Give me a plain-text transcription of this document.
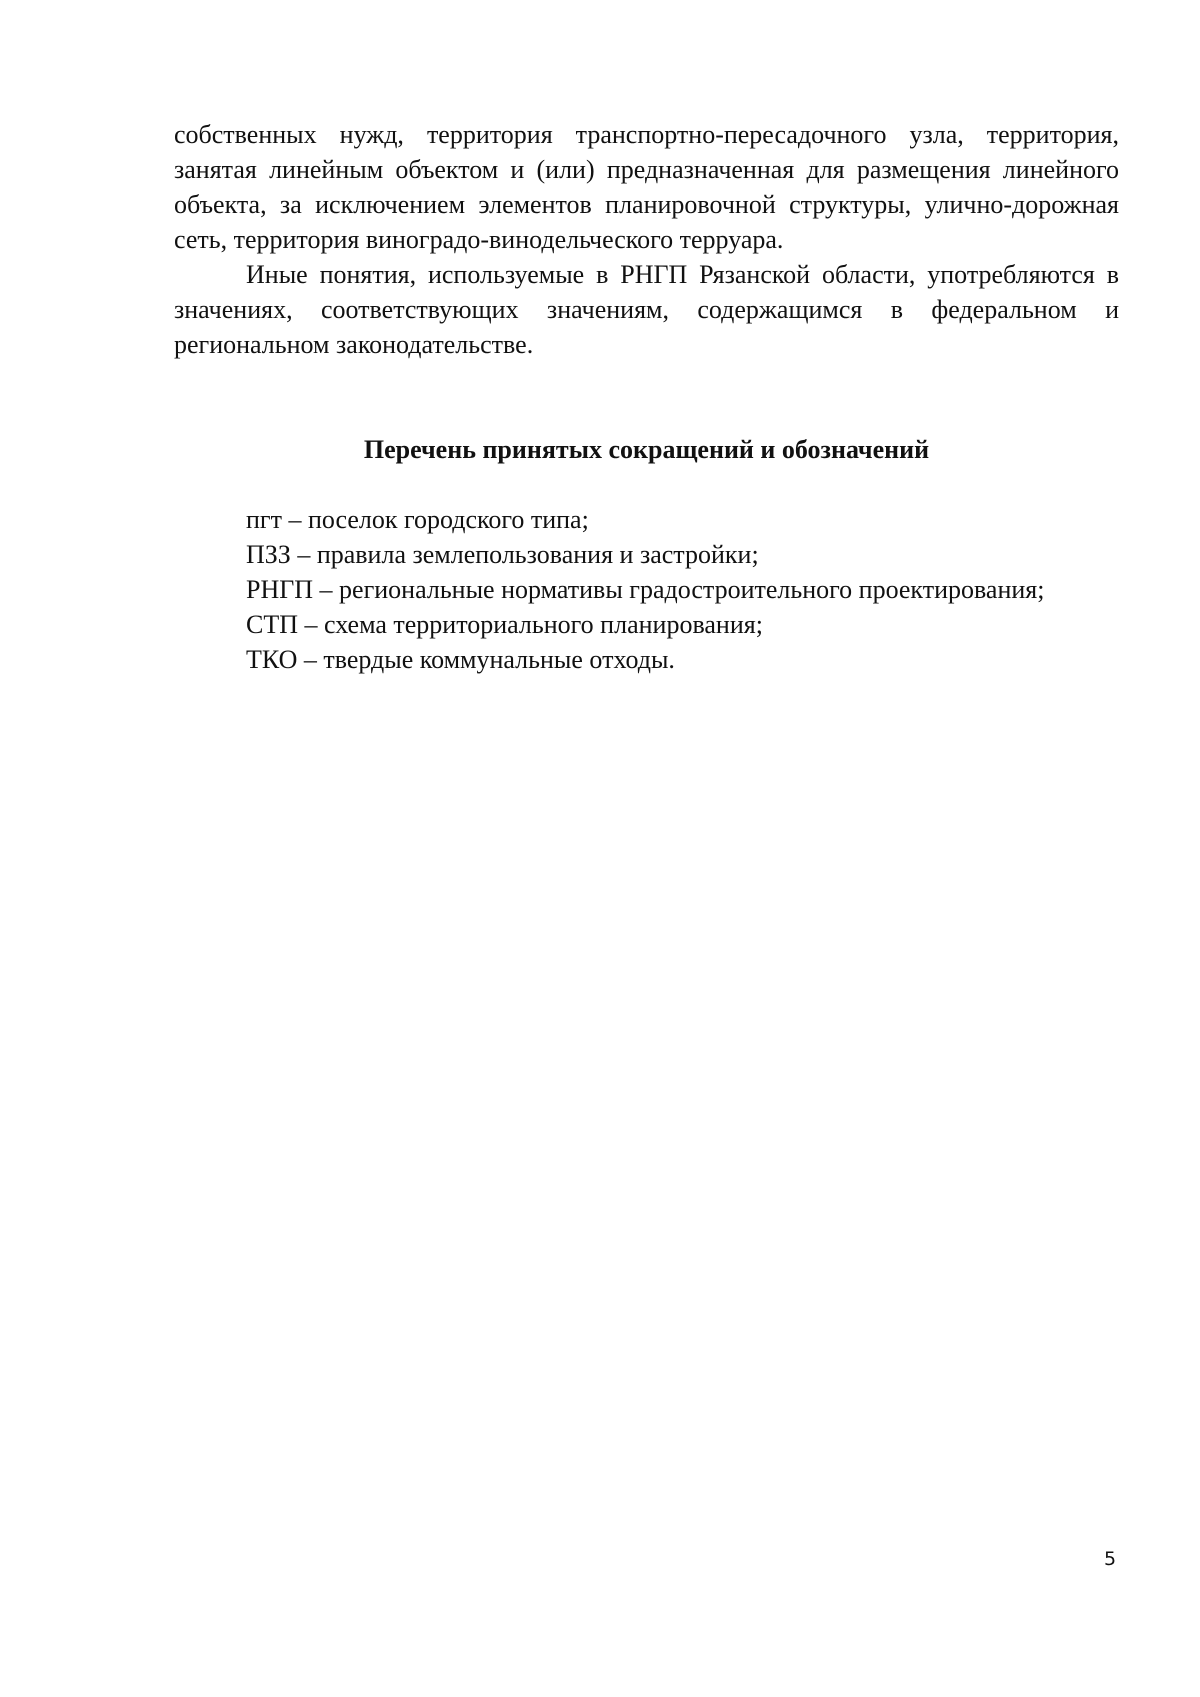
собственных нужд, территория транспортно-пересадочного узла, территория, занятая линейным объектом и (или) предназначенная для размещения линейного объекта, за исключением элементов планировочной структуры, улично-дорожная сеть, территория виноградо-винодельческого терруара.

Иные понятия, используемые в РНГП Рязанской области, употребляются в значениях, соответствующих значениям, содержащимся в федеральном и региональном законодательстве.

Перечень принятых сокращений и обозначений
пгт – поселок городского типа;
ПЗЗ – правила землепользования и застройки;
РНГП – региональные нормативы градостроительного проектирования;
СТП – схема территориального планирования;
ТКО – твердые коммунальные отходы.
5
